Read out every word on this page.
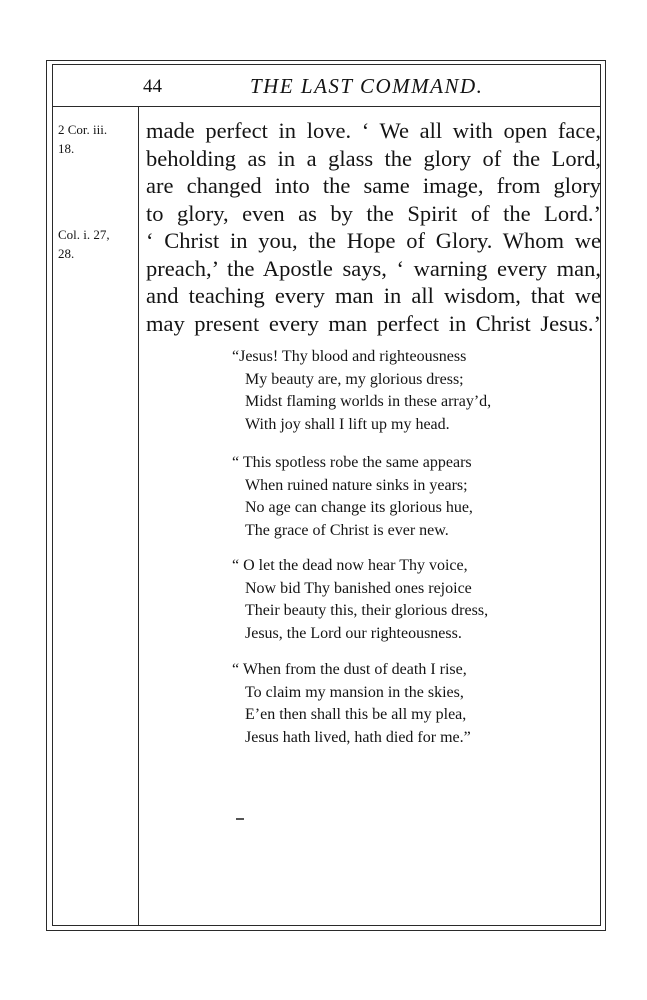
44	THE LAST COMMAND.
2 Cor. iii.
18.
Col. i. 27,
28.
made perfect in love. ‘ We all with open face,
beholding as in a glass the glory of the Lord,
are changed into the same image, from glory
to glory, even as by the Spirit of the Lord.’
‘ Christ in you, the Hope of Glory. Whom we
preach,’ the Apostle says, ‘ warning every man,
and teaching every man in all wisdom, that we
may present every man perfect in Christ Jesus.’
“Jesus! Thy blood and righteousness
My beauty are, my glorious dress;
Midst flaming worlds in these array’d,
With joy shall I lift up my head.
“ This spotless robe the same appears
When ruined nature sinks in years;
No age can change its glorious hue,
The grace of Christ is ever new.
“ O let the dead now hear Thy voice,
Now bid Thy banished ones rejoice
Their beauty this, their glorious dress,
Jesus, the Lord our righteousness.
“ When from the dust of death I rise,
To claim my mansion in the skies,
E’en then shall this be all my plea,
Jesus hath lived, hath died for me.”
